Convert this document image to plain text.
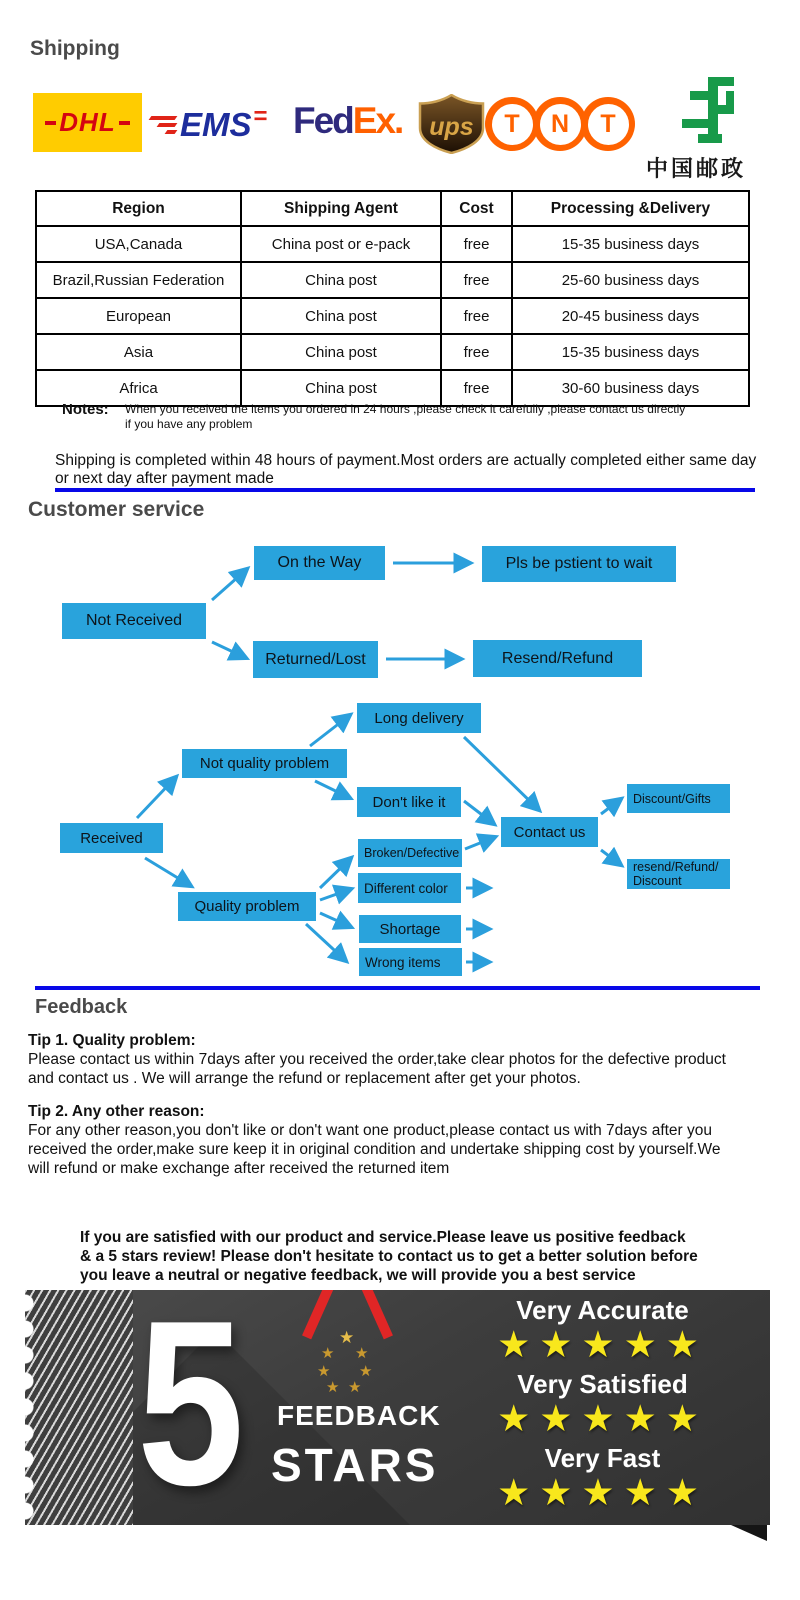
Shipping
DHL EMS = Fed Ex. ups	T	N	T
中国邮政
Region	Shipping Agent	Cost	Processing &Delivery
USA,Canada	China post or e-pack	free	15-35 business days
Brazil,Russian Federation	China post	free	25-60 business days
European	China post	free	20-45 business days
Asia	China post	free	15-35 business days
Africa	China post	free	30-60 business days
Notes: When you received the items you ordered in 24 hours ,please check it carefully ,please contact us directly
if you have any problem
Shipping is completed within 48 hours of payment.Most orders are actually completed either same day
or next day after payment made
Customer service
Not Received
On the Way	Pls be pstient to wait
Returned/Lost	Resend/Refund
Long delivery
Not quality problem
Don't like it
Contact us
Discount/Gifts
resend/Refund/ Discount
Received
Broken/Defective
Different color
Quality problem
Shortage
Wrong items
Feedback
Tip 1. Quality problem:
Please contact us within 7days after you received the order,take clear photos for the defective product
and contact us . We will arrange the refund or replacement after get your photos.
Tip 2. Any other reason:
For any other reason,you don't like or don't want one product,please contact us with 7days after you
received the order,make sure keep it in original condition and undertake shipping cost by yourself.We
will refund or make exchange after received the returned item
If you are satisfied with our product and service.Please leave us positive feedback
& a 5 stars review! Please don't hesitate to contact us to get a better solution before
you leave a neutral or negative feedback, we will provide you a best service
5	★
★ ★
★ ★
★ ★
FEEDBACK
STARS
Very Accurate
★★★★★
Very Satisfied
★★★★★
Very Fast
★★★★★
